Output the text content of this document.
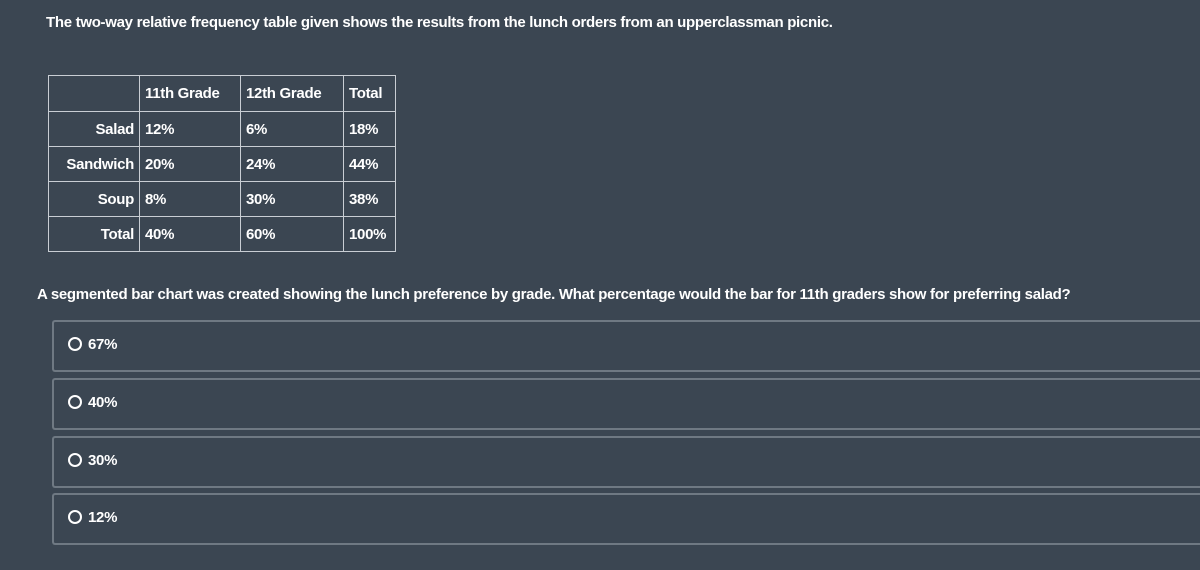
The two-way relative frequency table given shows the results from the lunch orders from an upperclassman picnic.
	11th Grade	12th Grade	Total
Salad	12%	6%	18%
Sandwich	20%	24%	44%
Soup	8%	30%	38%
Total	40%	60%	100%
A segmented bar chart was created showing the lunch preference by grade. What percentage would the bar for 11th graders show for preferring salad?
67%
40%
30%
12%
